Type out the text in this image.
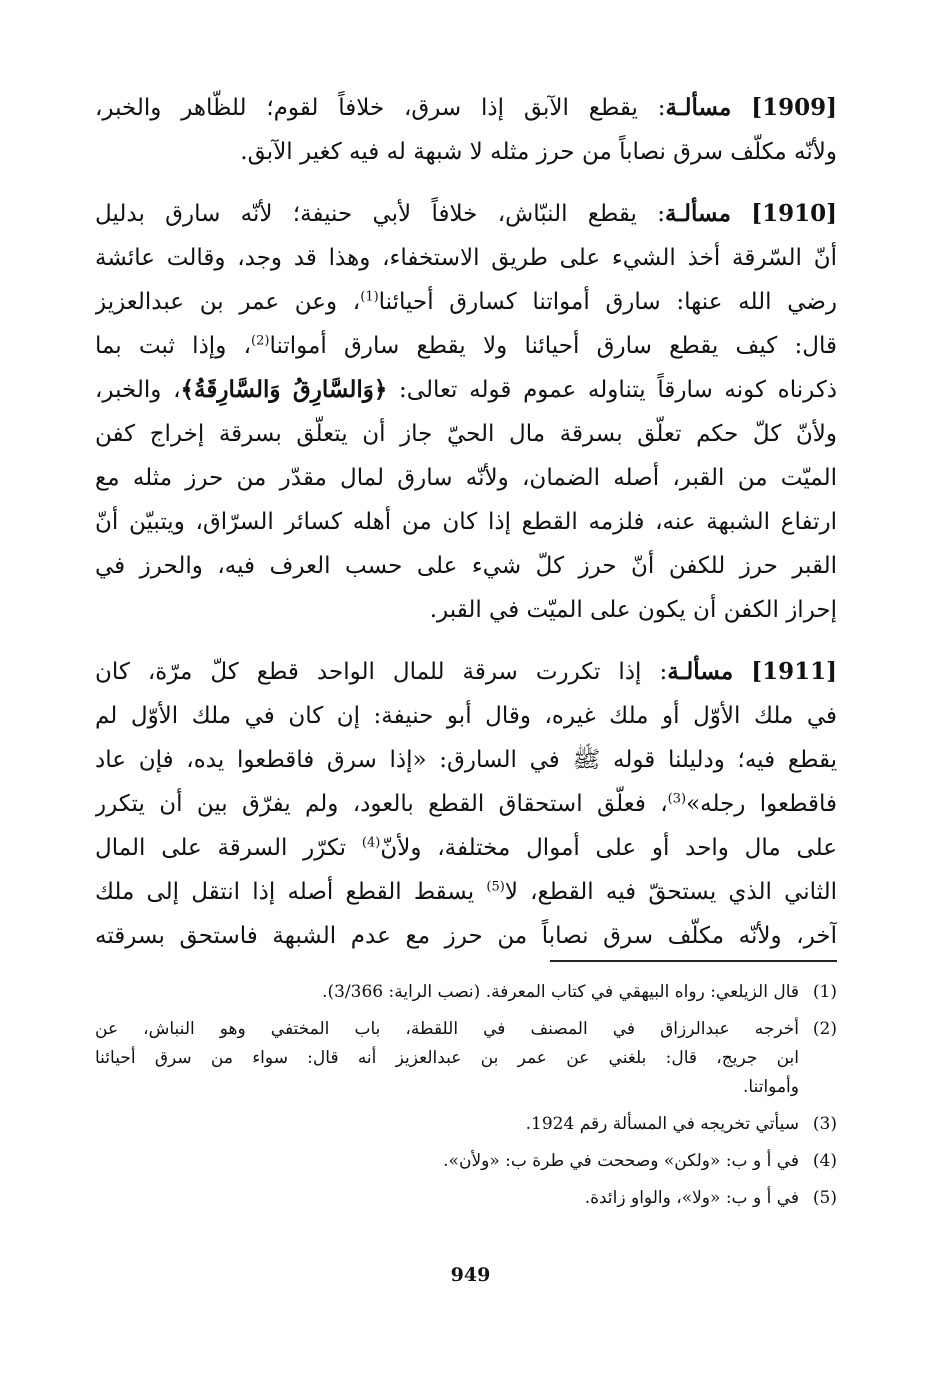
[1909] مسألـة: يقطع الآبق إذا سرق، خلافاً لقوم؛ للظّاهر والخبر،
ولأنّه مكلّف سرق نصاباً من حرز مثله لا شبهة له فيه كغير الآبق.

[1910] مسألـة: يقطع النبّاش، خلافاً لأبي حنيفة؛ لأنّه سارق بدليل
أنّ السّرقة أخذ الشيء على طريق الاستخفاء، وهذا قد وجد، وقالت عائشة
رضي الله عنها: سارق أمواتنا كسارق أحيائنا$^{(1)}$، وعن عمر بن عبدالعزيز
قال: كيف يقطع سارق أحيائنا ولا يقطع سارق أمواتنا$^{(2)}$، وإذا ثبت بما
ذكرناه كونه سارقاً يتناوله عموم قوله تعالى: ﴿وَالسَّارِقُ وَالسَّارِقَةُ﴾، والخبر،
ولأنّ كلّ حكم تعلّق بسرقة مال الحيّ جاز أن يتعلّق بسرقة إخراج كفن
الميّت من القبر، أصله الضمان، ولأنّه سارق لمال مقدّر من حرز مثله مع
ارتفاع الشبهة عنه، فلزمه القطع إذا كان من أهله كسائر السرّاق، ويتبيّن أنّ
القبر حرز للكفن أنّ حرز كلّ شيء على حسب العرف فيه، والحرز في
إحراز الكفن أن يكون على الميّت في القبر.

[1911] مسألـة: إذا تكررت سرقة للمال الواحد قطع كلّ مرّة، كان
في ملك الأوّل أو ملك غيره، وقال أبو حنيفة: إن كان في ملك الأوّل لم
يقطع فيه؛ ودليلنا قوله ﷺ في السارق: «إذا سرق فاقطعوا يده، فإن عاد
فاقطعوا رجله»$^{(3)}$، فعلّق استحقاق القطع بالعود، ولم يفرّق بين أن يتكرر
على مال واحد أو على أموال مختلفة، ولأنّ$^{(4)}$ تكرّر السرقة على المال
الثاني الذي يستحقّ فيه القطع، لا$^{(5)}$ يسقط القطع أصله إذا انتقل إلى ملك
آخر، ولأنّه مكلّف سرق نصاباً من حرز مع عدم الشبهة فاستحق بسرقته

(1)
قال الزيلعي: رواه البيهقي في كتاب المعرفة. (نصب الراية: 3/366).
(2)
أخرجه عبدالرزاق في المصنف في اللقطة، باب المختفي وهو النباش، عن
ابن جريج، قال: بلغني عن عمر بن عبدالعزيز أنه قال: سواء من سرق أحيائنا
وأمواتنا.
(3)
سيأتي تخريجه في المسألة رقم 1924.
(4)
في أ و ب: «ولكن» وصححت في طرة ب: «ولأن».
(5)
في أ و ب: «ولا»، والواو زائدة.
949
